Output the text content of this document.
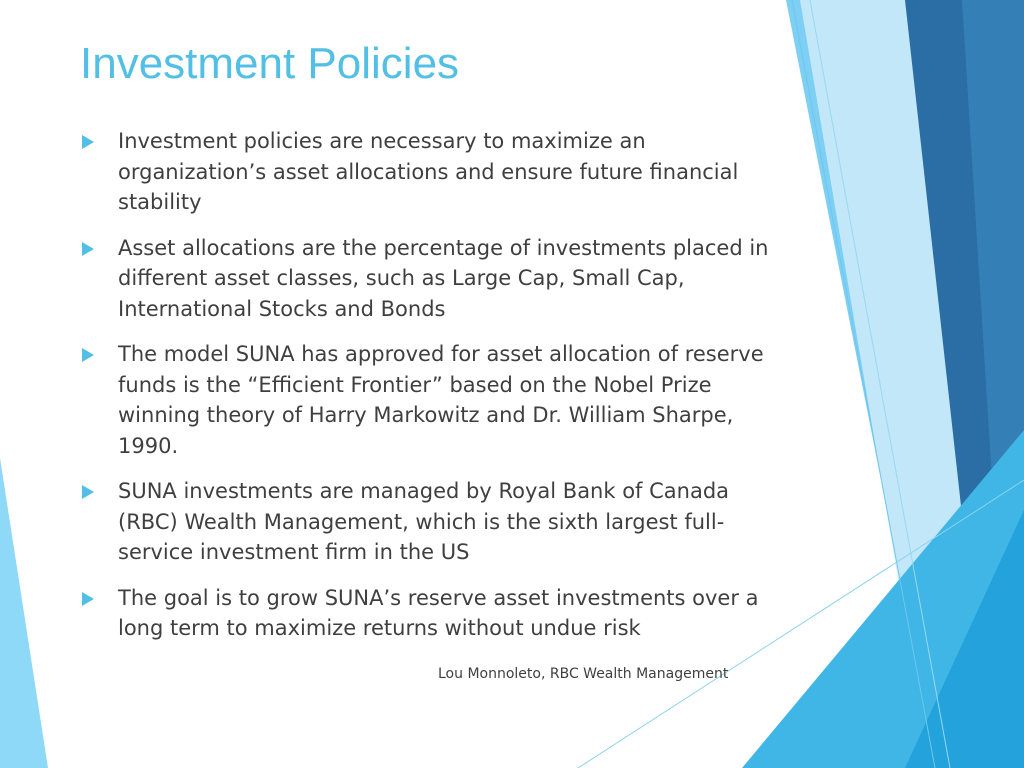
Investment Policies
Investment policies are necessary to maximize an organization’s asset allocations and ensure future financial stability
Asset allocations are the percentage of investments placed in different asset classes, such as Large Cap, Small Cap, International Stocks and Bonds
The model SUNA has approved for asset allocation of reserve funds is the “Efficient Frontier” based on the Nobel Prize winning theory of Harry Markowitz and Dr. William Sharpe, 1990.
SUNA investments are managed by Royal Bank of Canada (RBC) Wealth Management, which is the sixth largest full-service investment firm in the US
The goal is to grow SUNA’s reserve asset investments over a long term to maximize returns without undue risk
Lou Monnoleto, RBC Wealth Management
